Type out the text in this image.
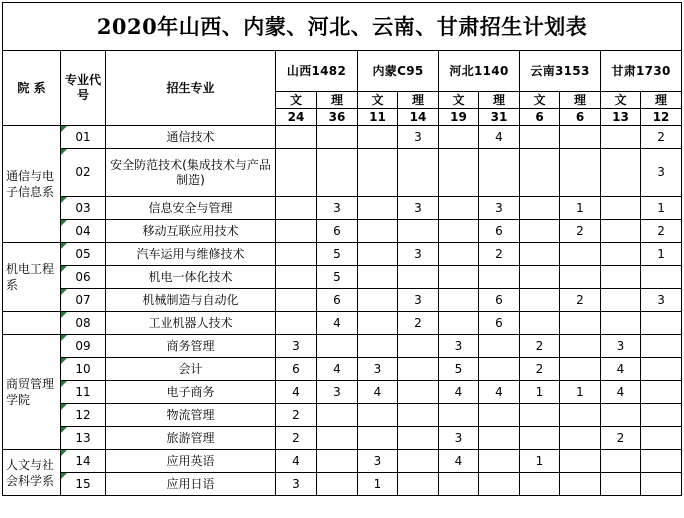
2020年山西、内蒙、河北、云南、甘肃招生计划表												
院 系	专业代号	招生专业	山西1482		内蒙C95		河北1140		云南3153		甘肃1730	
			文	理	文	理	文	理	文	理	文	理
			24	36	11	14	19	31	6	6	13	12
通信与电子信息系	01	通信技术				3		4				2
	02	安全防范技术(集成技术与产品制造)										3
	03	信息安全与管理		3		3		3		1		1
	04	移动互联应用技术		6				6		2		2
机电工程系	05	汽车运用与维修技术		5		3		2				1
	06	机电一体化技术		5								
	07	机械制造与自动化		6		3		6		2		3
	08	工业机器人技术		4		2		6				
商贸管理学院	09	商务管理	3				3		2		3	
	10	会计	6	4	3		5		2		4	
	11	电子商务	4	3	4		4	4	1	1	4	
	12	物流管理	2									
	13	旅游管理	2				3				2	
人文与社会科学系	14	应用英语	4		3		4		1			
	15	应用日语	3		1							
